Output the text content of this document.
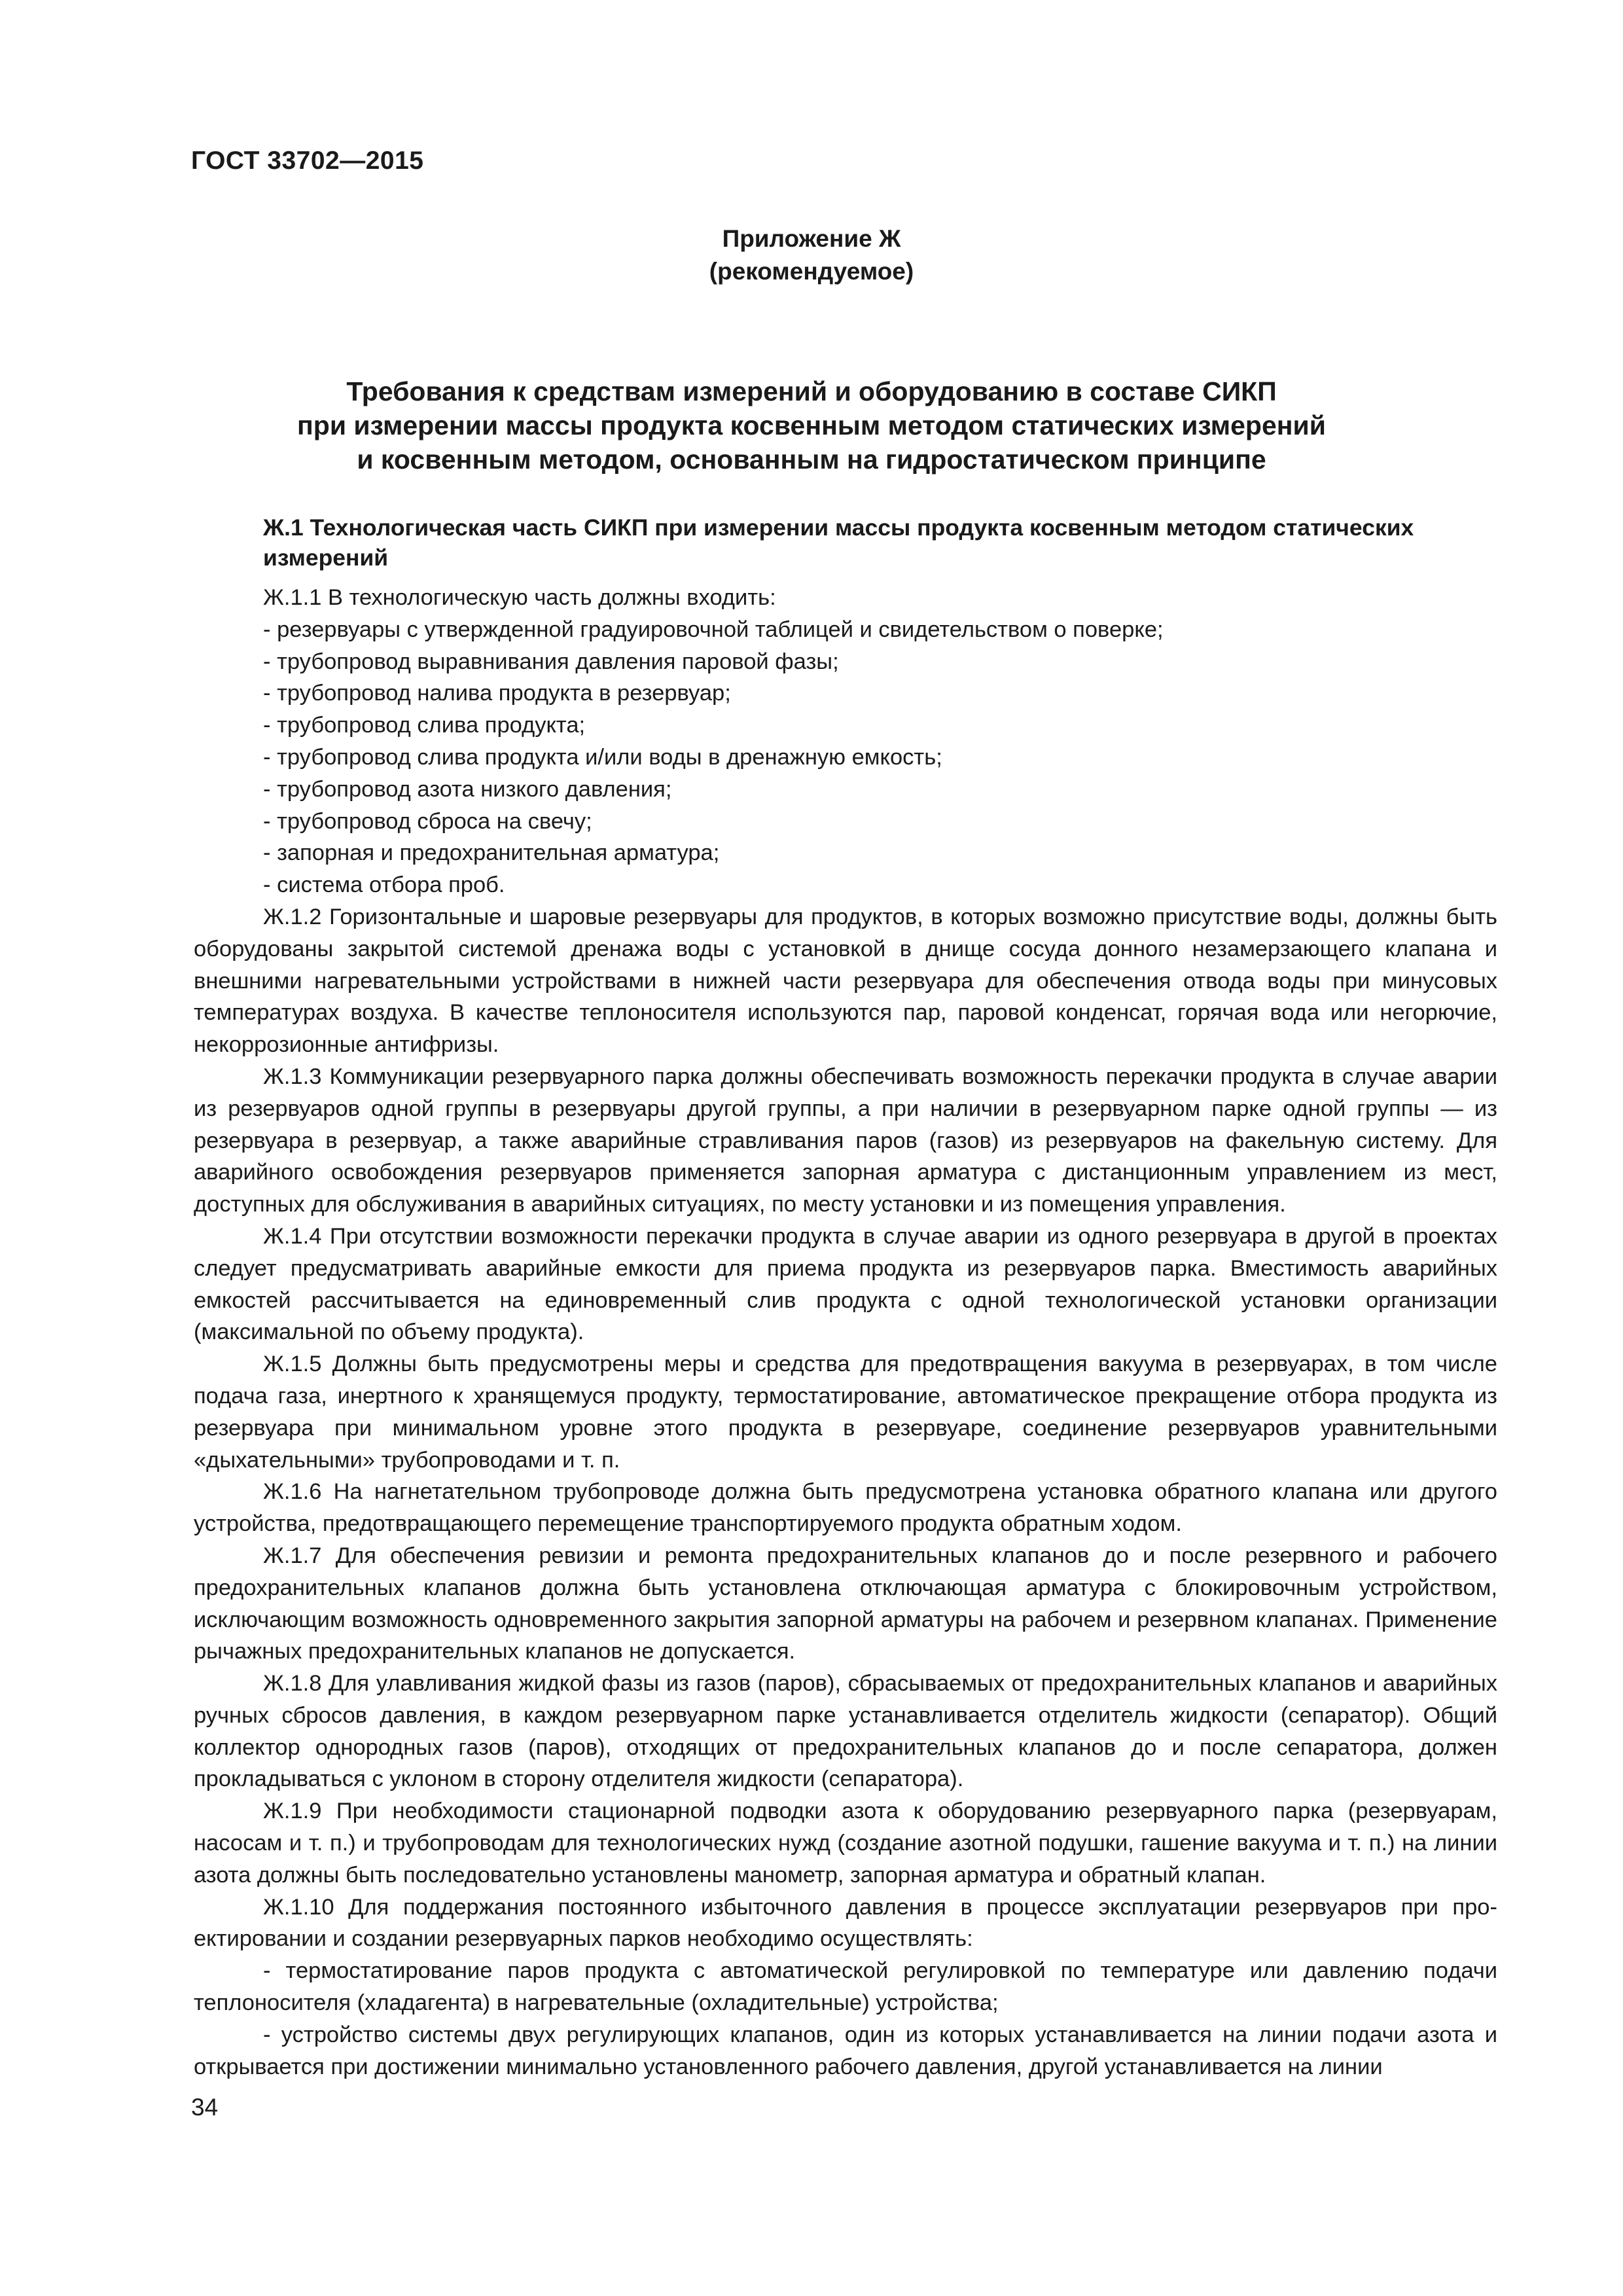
ГОСТ 33702—2015
Приложение Ж
(рекомендуемое)
Требования к средствам измерений и оборудованию в составе СИКП
при измерении массы продукта косвенным методом статических измерений
и косвенным методом, основанным на гидростатическом принципе
Ж.1 Технологическая часть СИКП при измерении массы продукта косвенным методом статических измерений

Ж.1.1 В технологическую часть должны входить:

- резервуары с утвержденной градуировочной таблицей и свидетельством о поверке;

- трубопровод выравнивания давления паровой фазы;

- трубопровод налива продукта в резервуар;

- трубопровод слива продукта;

- трубопровод слива продукта и/или воды в дренажную емкость;

- трубопровод азота низкого давления;

- трубопровод сброса на свечу;

- запорная и предохранительная арматура;

- система отбора проб.

Ж.1.2 Горизонтальные и шаровые резервуары для продуктов, в которых возможно присутствие воды, должны быть оборудованы закрытой системой дренажа воды с установкой в днище сосуда донного незамерзающего клапана и внешними нагревательными устройствами в нижней части резервуара для обеспечения отвода воды при минусовых температурах воздуха. В качестве теплоносителя используются пар, паровой конденсат, горячая вода или негорючие, некоррозионные антифризы.

Ж.1.3 Коммуникации резервуарного парка должны обеспечивать возможность перекачки продукта в случае аварии из резервуаров одной группы в резервуары другой группы, а при наличии в резервуарном парке одной группы — из резервуара в резервуар, а также аварийные стравливания паров (газов) из резервуаров на факельную систему. Для аварийного освобождения резервуаров применяется запорная арматура с дистанционным управлением из мест, доступных для обслуживания в аварийных ситуациях, по месту установки и из помещения управления.

Ж.1.4 При отсутствии возможности перекачки продукта в случае аварии из одного резервуара в другой в проектах следует предусматривать аварийные емкости для приема продукта из резервуаров парка. Вместимость аварийных емкостей рассчитывается на единовременный слив продукта с одной технологической установки организации (максимальной по объему продукта).

Ж.1.5 Должны быть предусмотрены меры и средства для предотвращения вакуума в резервуарах, в том числе подача газа, инертного к хранящемуся продукту, термостатирование, автоматическое прекращение отбора продукта из резервуара при минимальном уровне этого продукта в резервуаре, соединение резервуаров уравнительными «дыхательными» трубопроводами и т. п.

Ж.1.6 На нагнетательном трубопроводе должна быть предусмотрена установка обратного клапана или другого устройства, предотвращающего перемещение транспортируемого продукта обратным ходом.

Ж.1.7 Для обеспечения ревизии и ремонта предохранительных клапанов до и после резервного и рабочего предохранительных клапанов должна быть установлена отключающая арматура с блокировочным устройством, исключающим возможность одновременного закрытия запорной арматуры на рабочем и резервном клапанах. Применение рычажных предохранительных клапанов не допускается.

Ж.1.8 Для улавливания жидкой фазы из газов (паров), сбрасываемых от предохранительных клапанов и аварийных ручных сбросов давления, в каждом резервуарном парке устанавливается отделитель жидкости (сепаратор). Общий коллектор однородных газов (паров), отходящих от предохранительных клапанов до и после сепаратора, должен прокладываться с уклоном в сторону отделителя жидкости (сепаратора).

Ж.1.9 При необходимости стационарной подводки азота к оборудованию резервуарного парка (резервуарам, насосам и т. п.) и трубопроводам для технологических нужд (создание азотной подушки, гашение вакуума и т. п.) на линии азота должны быть последовательно установлены манометр, запорная арматура и обратный клапан.

Ж.1.10 Для поддержания постоянного избыточного давления в процессе эксплуатации резервуаров при проектировании и создании резервуарных парков необходимо осуществлять:

- термостатирование паров продукта с автоматической регулировкой по температуре или давлению подачи теплоносителя (хладагента) в нагревательные (охладительные) устройства;

- устройство системы двух регулирующих клапанов, один из которых устанавливается на линии подачи азота и открывается при достижении минимально установленного рабочего давления, другой устанавливается на линии

34
